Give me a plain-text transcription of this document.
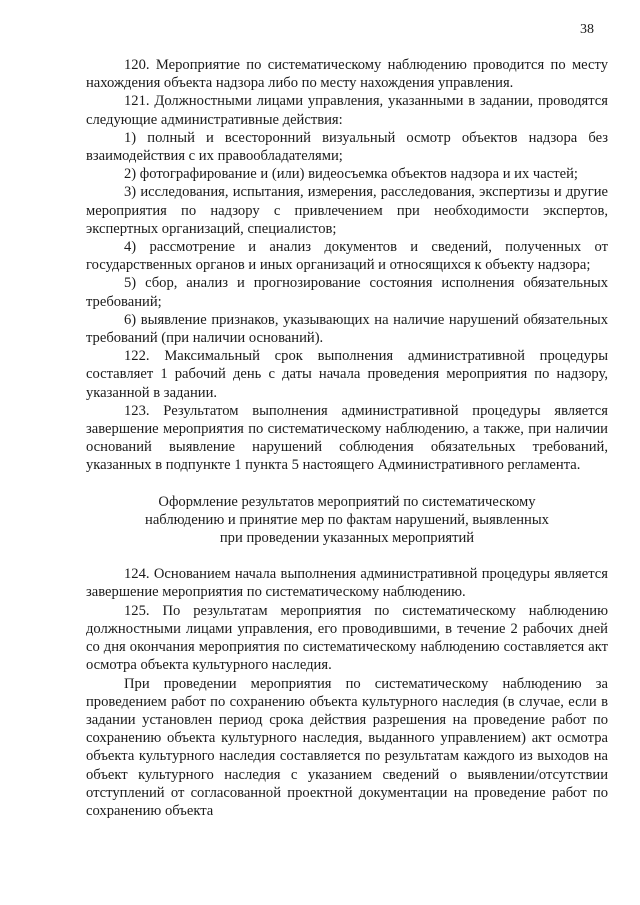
38

120. Мероприятие по систематическому наблюдению проводится по месту нахождения объекта надзора либо по месту нахождения управления.

121. Должностными лицами управления, указанными в задании, проводятся следующие административные действия:

1) полный и всесторонний визуальный осмотр объектов надзора без взаимодействия с их правообладателями;

2) фотографирование и (или) видеосъемка объектов надзора и их частей;

3) исследования, испытания, измерения, расследования, экспертизы и другие мероприятия по надзору с привлечением при необходимости экспертов, экспертных организаций, специалистов;

4) рассмотрение и анализ документов и сведений, полученных от государственных органов и иных организаций и относящихся к объекту надзора;

5) сбор, анализ и прогнозирование состояния исполнения обязательных требований;

6) выявление признаков, указывающих на наличие нарушений обязательных требований (при наличии оснований).

122. Максимальный срок выполнения административной процедуры составляет 1 рабочий день с даты начала проведения мероприятия по надзору, указанной в задании.

123. Результатом выполнения административной процедуры является завершение мероприятия по систематическому наблюдению, а также, при наличии оснований выявление нарушений соблюдения обязательных требований, указанных в подпункте 1 пункта 5 настоящего Административного регламента.

Оформление результатов мероприятий по систематическому
наблюдению и принятие мер по фактам нарушений, выявленных
при проведении указанных мероприятий

124. Основанием начала выполнения административной процедуры является завершение мероприятия по систематическому наблюдению.

125. По результатам мероприятия по систематическому наблюдению должностными лицами управления, его проводившими, в течение 2 рабочих дней со дня окончания мероприятия по систематическому наблюдению составляется акт осмотра объекта культурного наследия.

При проведении мероприятия по систематическому наблюдению за проведением работ по сохранению объекта культурного наследия (в случае, если в задании установлен период срока действия разрешения на проведение работ по сохранению объекта культурного наследия, выданного управлением) акт осмотра объекта культурного наследия составляется по результатам каждого из выходов на объект культурного наследия с указанием сведений о выявлении/отсутствии отступлений от согласованной проектной документации на проведение работ по сохранению объекта
